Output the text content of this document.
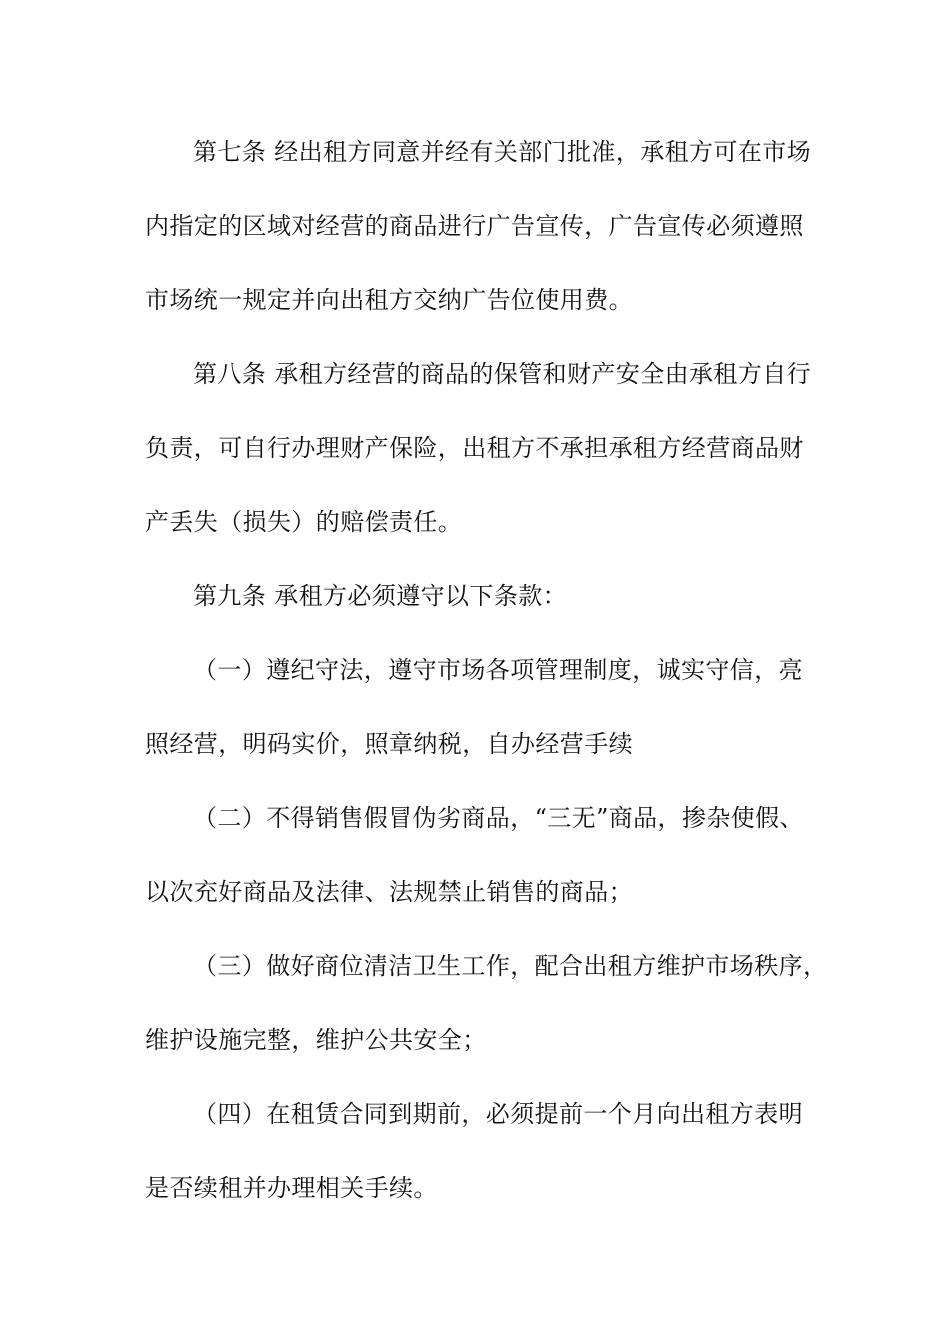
第七条 经出租方同意并经有关部门批准，承租方可在市场

内指定的区域对经营的商品进行广告宣传，广告宣传必须遵照

市场统一规定并向出租方交纳广告位使用费。

第八条 承租方经营的商品的保管和财产安全由承租方自行

负责，可自行办理财产保险，出租方不承担承租方经营商品财

产丢失（损失）的赔偿责任。

第九条 承租方必须遵守以下条款：

（一）遵纪守法，遵守市场各项管理制度，诚实守信，亮

照经营，明码实价，照章纳税，自办经营手续

（二）不得销售假冒伪劣商品，“三无”商品，掺杂使假、

以次充好商品及法律、法规禁止销售的商品；

（三）做好商位清洁卫生工作，配合出租方维护市场秩序，

维护设施完整，维护公共安全；

（四）在租赁合同到期前，必须提前一个月向出租方表明

是否续租并办理相关手续。
